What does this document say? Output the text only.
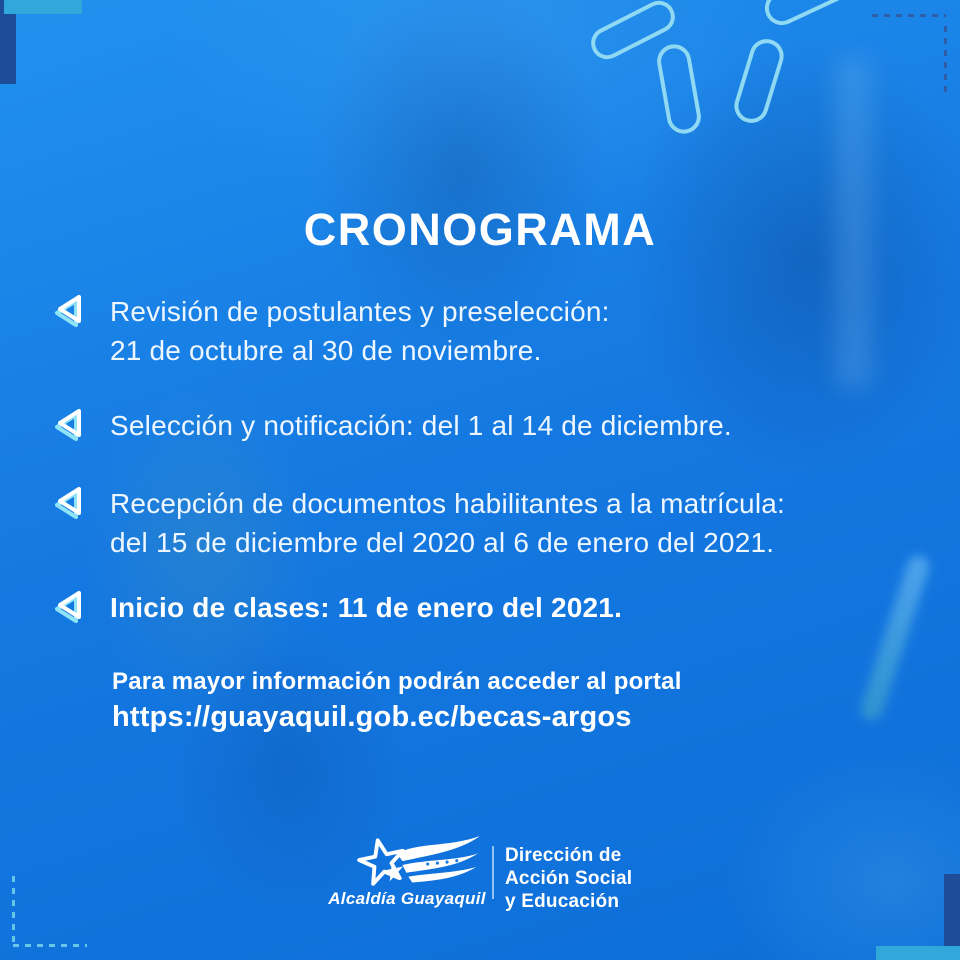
CRONOGRAMA
Revisión de postulantes y preselección:
21 de octubre al 30 de noviembre.
Selección y notificación: del 1 al 14 de diciembre.
Recepción de documentos habilitantes a la matrícula:
del 15 de diciembre del 2020 al 6 de enero del 2021.
Inicio de clases: 11 de enero del 2021.
Para mayor información podrán acceder al portal
https://guayaquil.gob.ec/becas-argos
Alcaldía Guayaquil
Dirección de
Acción Social
y Educación
